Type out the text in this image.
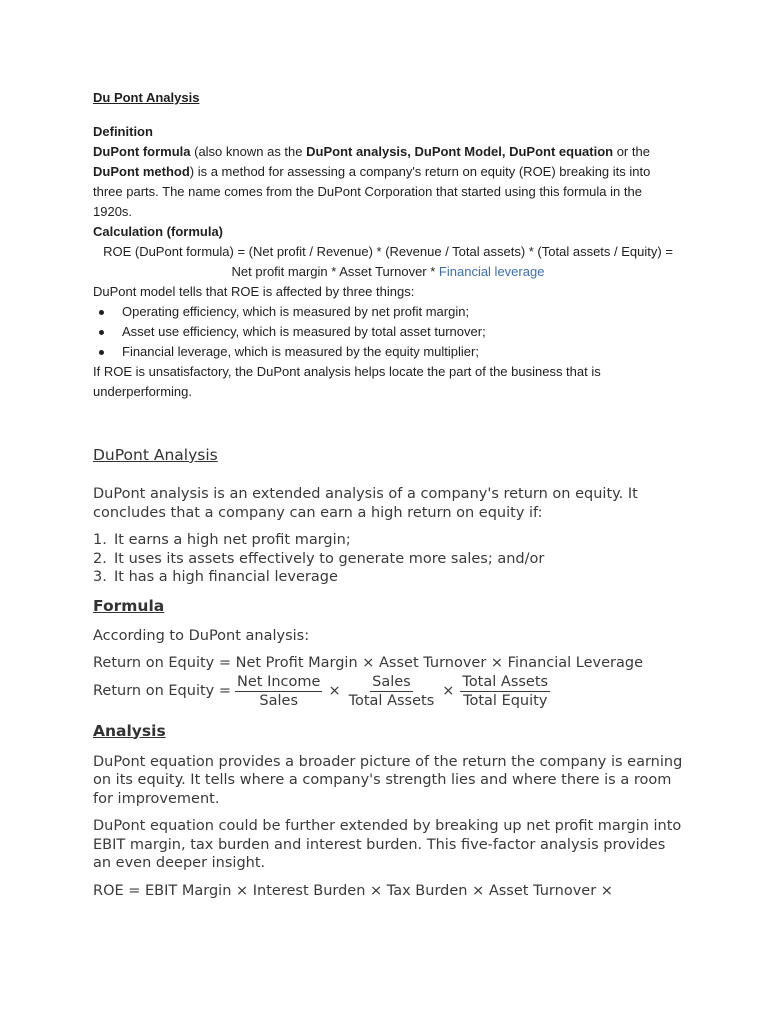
Du Pont Analysis

Definition

DuPont formula (also known as the DuPont analysis, DuPont Model, DuPont equation or the DuPont method) is a method for assessing a company's return on equity (ROE) breaking its into three parts. The name comes from the DuPont Corporation that started using this formula in the 1920s.

Calculation (formula)

ROE (DuPont formula) = (Net profit / Revenue) * (Revenue / Total assets) * (Total assets / Equity) = Net profit margin * Asset Turnover * Financial leverage

DuPont model tells that ROE is affected by three things:

Operating efficiency, which is measured by net profit margin;
Asset use efficiency, which is measured by total asset turnover;
Financial leverage, which is measured by the equity multiplier;

If ROE is unsatisfactory, the DuPont analysis helps locate the part of the business that is underperforming.

DuPont Analysis

DuPont analysis is an extended analysis of a company's return on equity. It concludes that a company can earn a high return on equity if:

1. It earns a high net profit margin;
2. It uses its assets effectively to generate more sales; and/or
3. It has a high financial leverage
Formula

According to DuPont analysis:

Return on Equity = Net Profit Margin × Asset Turnover × Financial Leverage

Return on Equity = $\frac{\text{Net Income}}{\text{Sales}} \times \frac{\text{Sales}}{\text{Total Assets}} \times \frac{\text{Total Assets}}{\text{Total Equity}}$
Analysis

DuPont equation provides a broader picture of the return the company is earning on its equity. It tells where a company's strength lies and where there is a room for improvement.

DuPont equation could be further extended by breaking up net profit margin into EBIT margin, tax burden and interest burden. This five-factor analysis provides an even deeper insight.

ROE = EBIT Margin × Interest Burden × Tax Burden × Asset Turnover ×
